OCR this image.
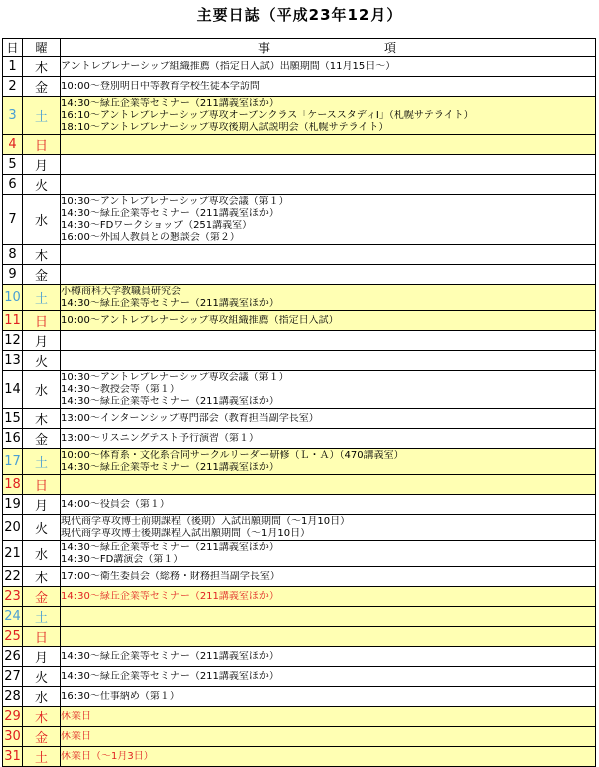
主要日誌（平成23年12月）
日	曜	事　　　　　　　　項
1	木	アントレプレナーシップ組織推薦（指定日入試）出願期間（11月15日〜）

2	金	10:00〜登別明日中等教育学校生徒本学訪問

3	土	14:30〜緑丘企業等セミナー（211講義室ほか）
16:10〜アントレプレナーシップ専攻オープンクラス「ケーススタディⅠ」（札幌サテライト）
18:10〜アントレプレナーシップ専攻後期入試説明会（札幌サテライト）

4	日	

5	月	

6	火	

7	水	10:30〜アントレプレナーシップ専攻会議（第１）
14:30〜緑丘企業等セミナー（211講義室ほか）
14:30〜FDワークショップ（251講義室）
16:00〜外国人教員との懇談会（第２）

8	木	

9	金	

10	土	小樽商科大学教職員研究会
14:30〜緑丘企業等セミナー（211講義室ほか）

11	日	10:00〜アントレプレナーシップ専攻組織推薦（指定日入試）

12	月	

13	火	

14	水	10:30〜アントレプレナーシップ専攻会議（第１）
14:30〜教授会等（第１）
14:30〜緑丘企業等セミナー（211講義室ほか）

15	木	13:00〜インターンシップ専門部会（教育担当副学長室）

16	金	13:00〜リスニングテスト予行演習（第１）

17	土	10:00〜体育系・文化系合同サークルリーダー研修（Ｌ・Ａ）（470講義室）
14:30〜緑丘企業等セミナー（211講義室ほか）

18	日	

19	月	14:00〜役員会（第１）

20	火	現代商学専攻博士前期課程（後期）入試出願期間（〜1月10日）
現代商学専攻博士後期課程入試出願期間（〜1月10日）

21	水	14:30〜緑丘企業等セミナー（211講義室ほか）
14:30〜FD講演会（第１）

22	木	17:00〜衛生委員会（総務・財務担当副学長室）

23	金	14:30〜緑丘企業等セミナー（211講義室ほか）

24	土	

25	日	

26	月	14:30〜緑丘企業等セミナー（211講義室ほか）

27	火	14:30〜緑丘企業等セミナー（211講義室ほか）

28	水	16:30〜仕事納め（第１）

29	木	休業日

30	金	休業日

31	土	休業日（〜1月3日）
